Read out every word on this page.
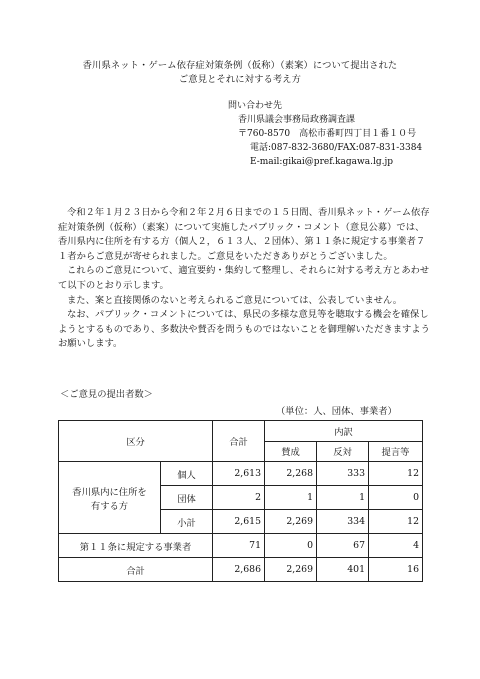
香川県ネット・ゲーム依存症対策条例（仮称）（素案）について提出された
ご意見とそれに対する考え方
問い合わせ先
香川県議会事務局政務調査課
〒760-8570　高松市番町四丁目１番１０号
電話:087-832-3680/FAX:087-831-3384
E-mail:gikai@pref.kagawa.lg.jp

令和２年１月２３日から令和２年２月６日までの１５日間、香川県ネット・ゲーム依存症対策条例（仮称）（素案）について実施したパブリック・コメント（意見公募）では、香川県内に住所を有する方（個人２，６１３人、２団体）、第１１条に規定する事業者７１者からご意見が寄せられました。ご意見をいただきありがとうございました。

これらのご意見について、適宜要約・集約して整理し、それらに対する考え方とあわせて以下のとおり示します。

また、案と直接関係のないと考えられるご意見については、公表していません。

なお、パブリック・コメントについては、県民の多様な意見等を聴取する機会を確保しようとするものであり、多数決や賛否を問うものではないことを御理解いただきますようお願いします。

＜ご意見の提出者数＞
（単位：人、団体、事業者）
区分		合計	内訳		
			賛成	反対	提言等
香川県内に住所を有する方	個人	2,613	2,268	333	12
	団体	2	1	1	0
	小計	2,615	2,269	334	12
第１１条に規定する事業者		71	0	67	4
合計		2,686	2,269	401	16
